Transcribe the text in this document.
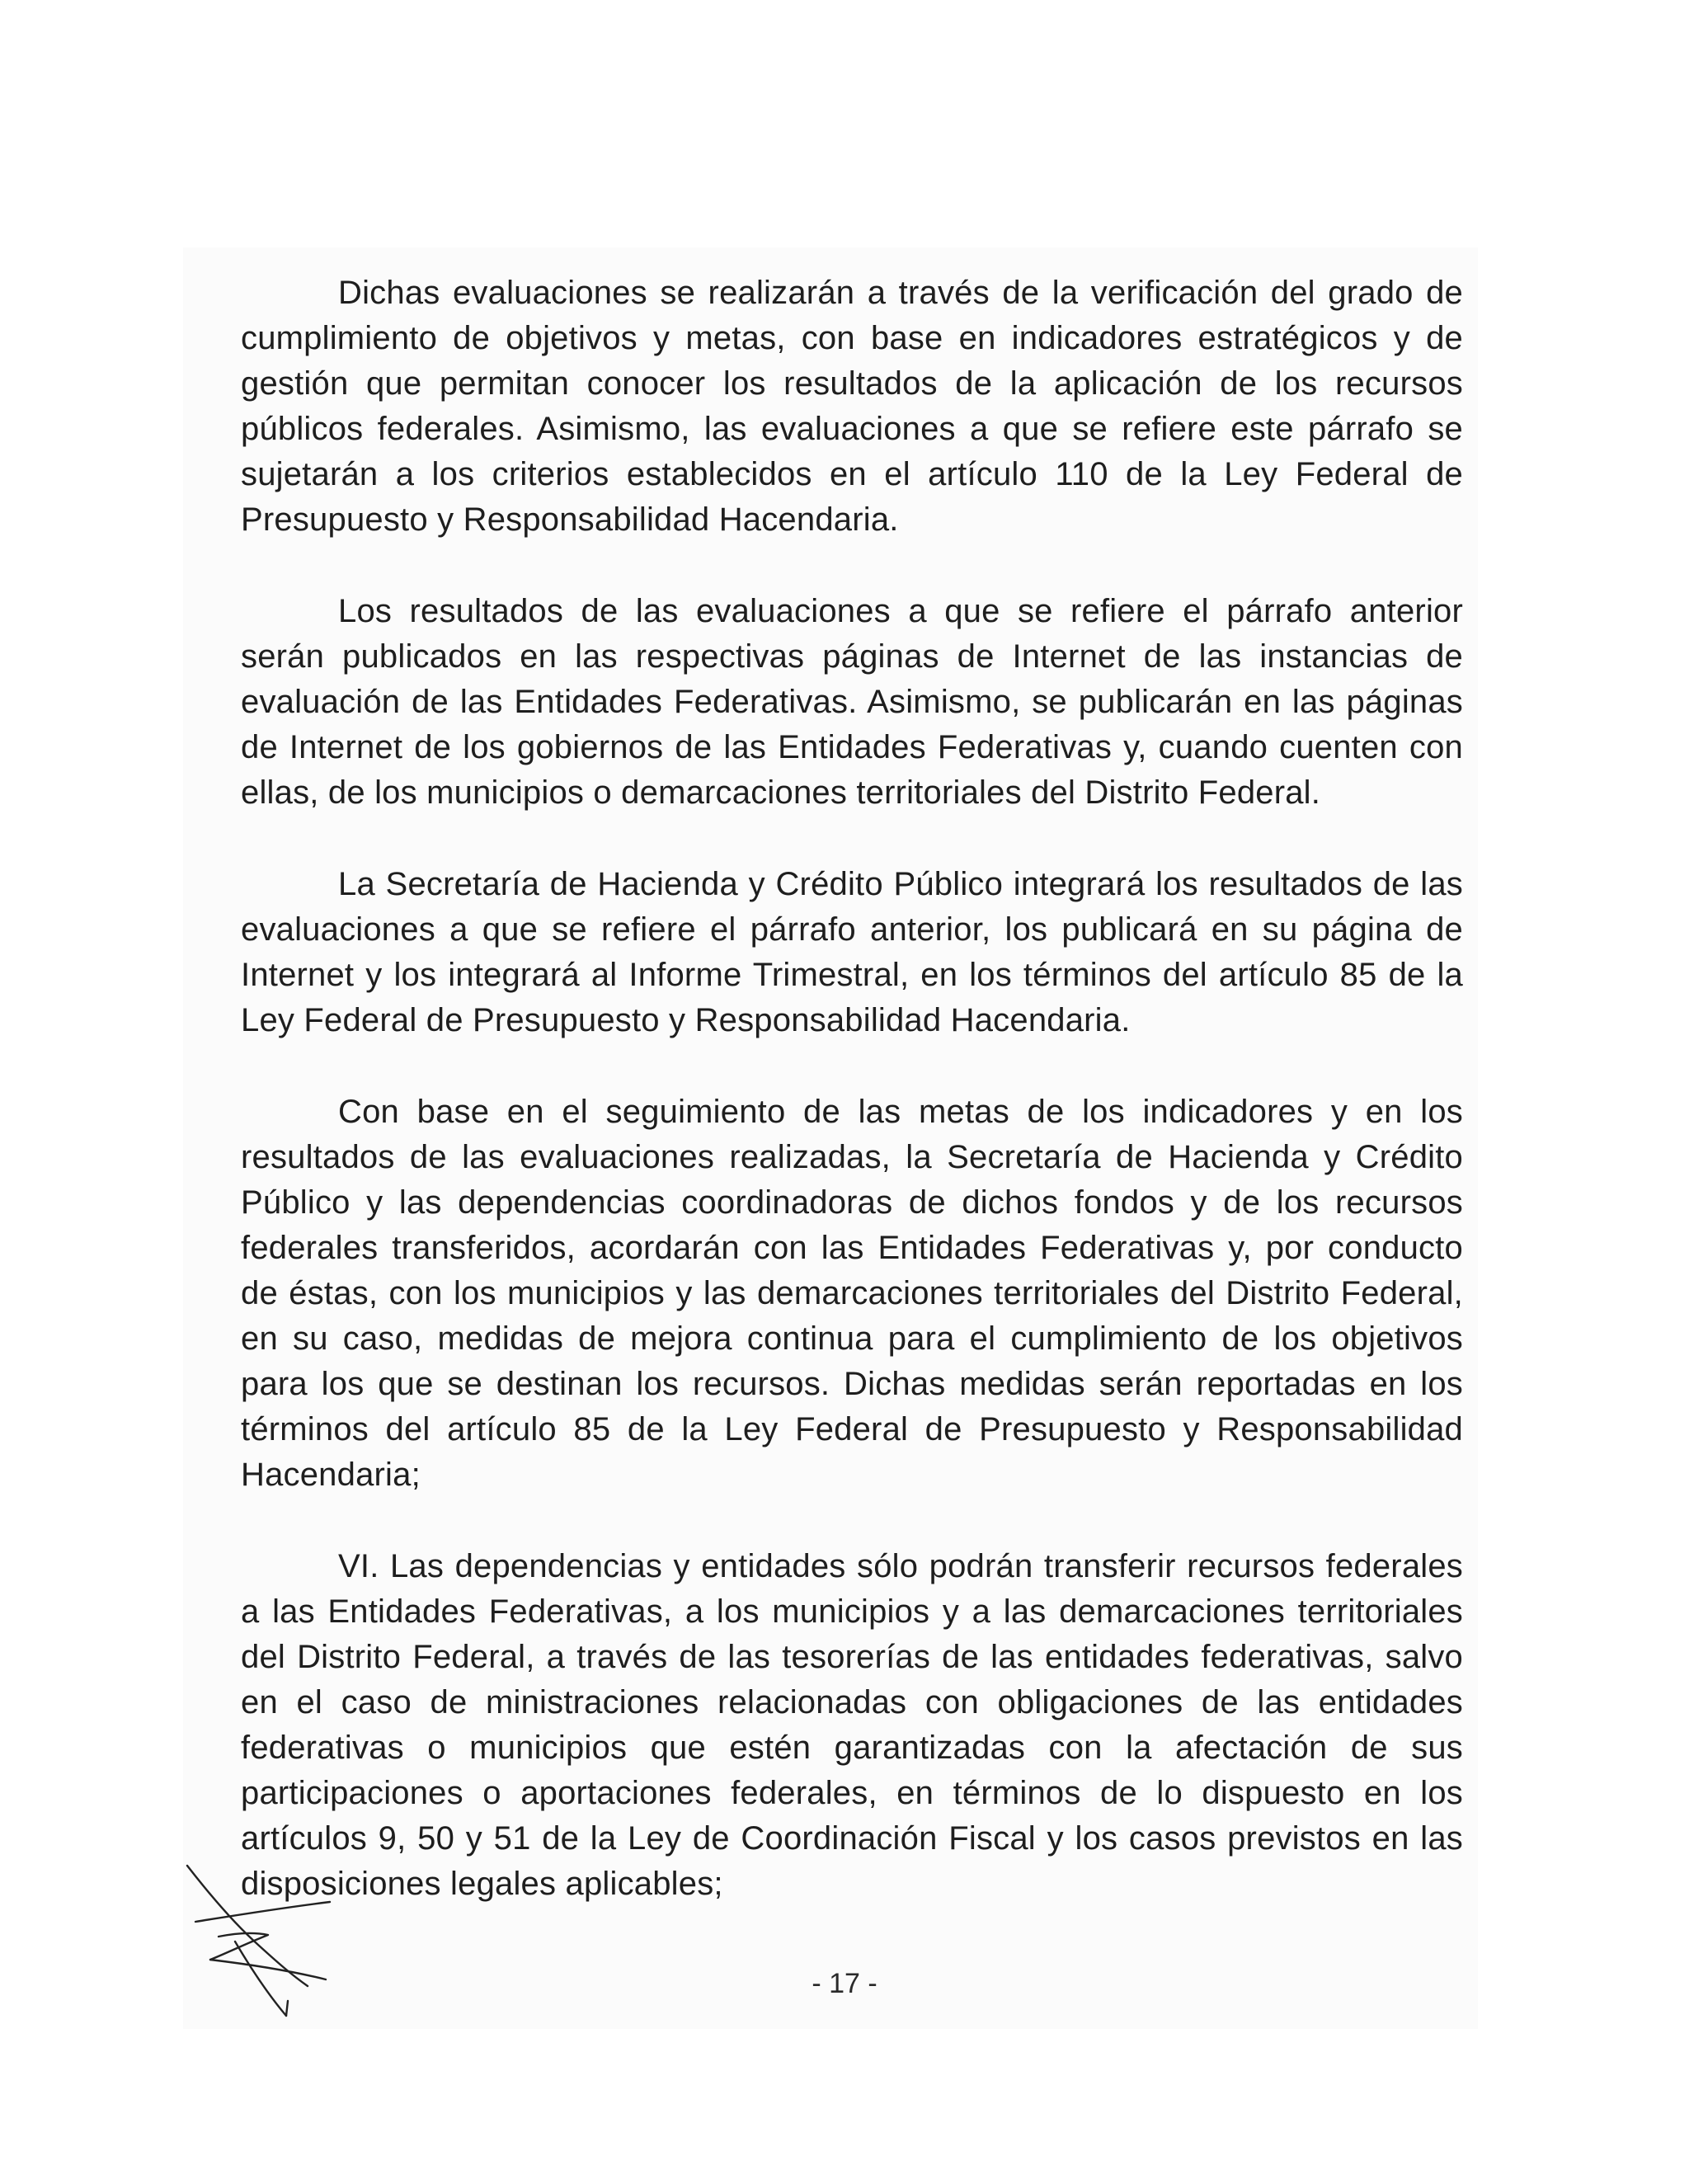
Dichas evaluaciones se realizarán a través de la verificación del grado de cumplimiento de objetivos y metas, con base en indicadores estratégicos y de gestión que permitan conocer los resultados de la aplicación de los recursos públicos federales. Asimismo, las evaluaciones a que se refiere este párrafo se sujetarán a los criterios establecidos en el artículo 110 de la Ley Federal de Presupuesto y Responsabilidad Hacendaria.

Los resultados de las evaluaciones a que se refiere el párrafo anterior serán publicados en las respectivas páginas de Internet de las instancias de evaluación de las Entidades Federativas. Asimismo, se publicarán en las páginas de Internet de los gobiernos de las Entidades Federativas y, cuando cuenten con ellas, de los municipios o demarcaciones territoriales del Distrito Federal.

La Secretaría de Hacienda y Crédito Público integrará los resultados de las evaluaciones a que se refiere el párrafo anterior, los publicará en su página de Internet y los integrará al Informe Trimestral, en los términos del artículo 85 de la Ley Federal de Presupuesto y Responsabilidad Hacendaria.

Con base en el seguimiento de las metas de los indicadores y en los resultados de las evaluaciones realizadas, la Secretaría de Hacienda y Crédito Público y las dependencias coordinadoras de dichos fondos y de los recursos federales transferidos, acordarán con las Entidades Federativas y, por conducto de éstas, con los municipios y las demarcaciones territoriales del Distrito Federal, en su caso, medidas de mejora continua para el cumplimiento de los objetivos para los que se destinan los recursos. Dichas medidas serán reportadas en los términos del artículo 85 de la Ley Federal de Presupuesto y Responsabilidad Hacendaria;

VI. Las dependencias y entidades sólo podrán transferir recursos federales a las Entidades Federativas, a los municipios y a las demarcaciones territoriales del Distrito Federal, a través de las tesorerías de las entidades federativas, salvo en el caso de ministraciones relacionadas con obligaciones de las entidades federativas o municipios que estén garantizadas con la afectación de sus participaciones o aportaciones federales, en términos de lo dispuesto en los artículos 9, 50 y 51 de la Ley de Coordinación Fiscal y los casos previstos en las disposiciones legales aplicables;

- 17 -
